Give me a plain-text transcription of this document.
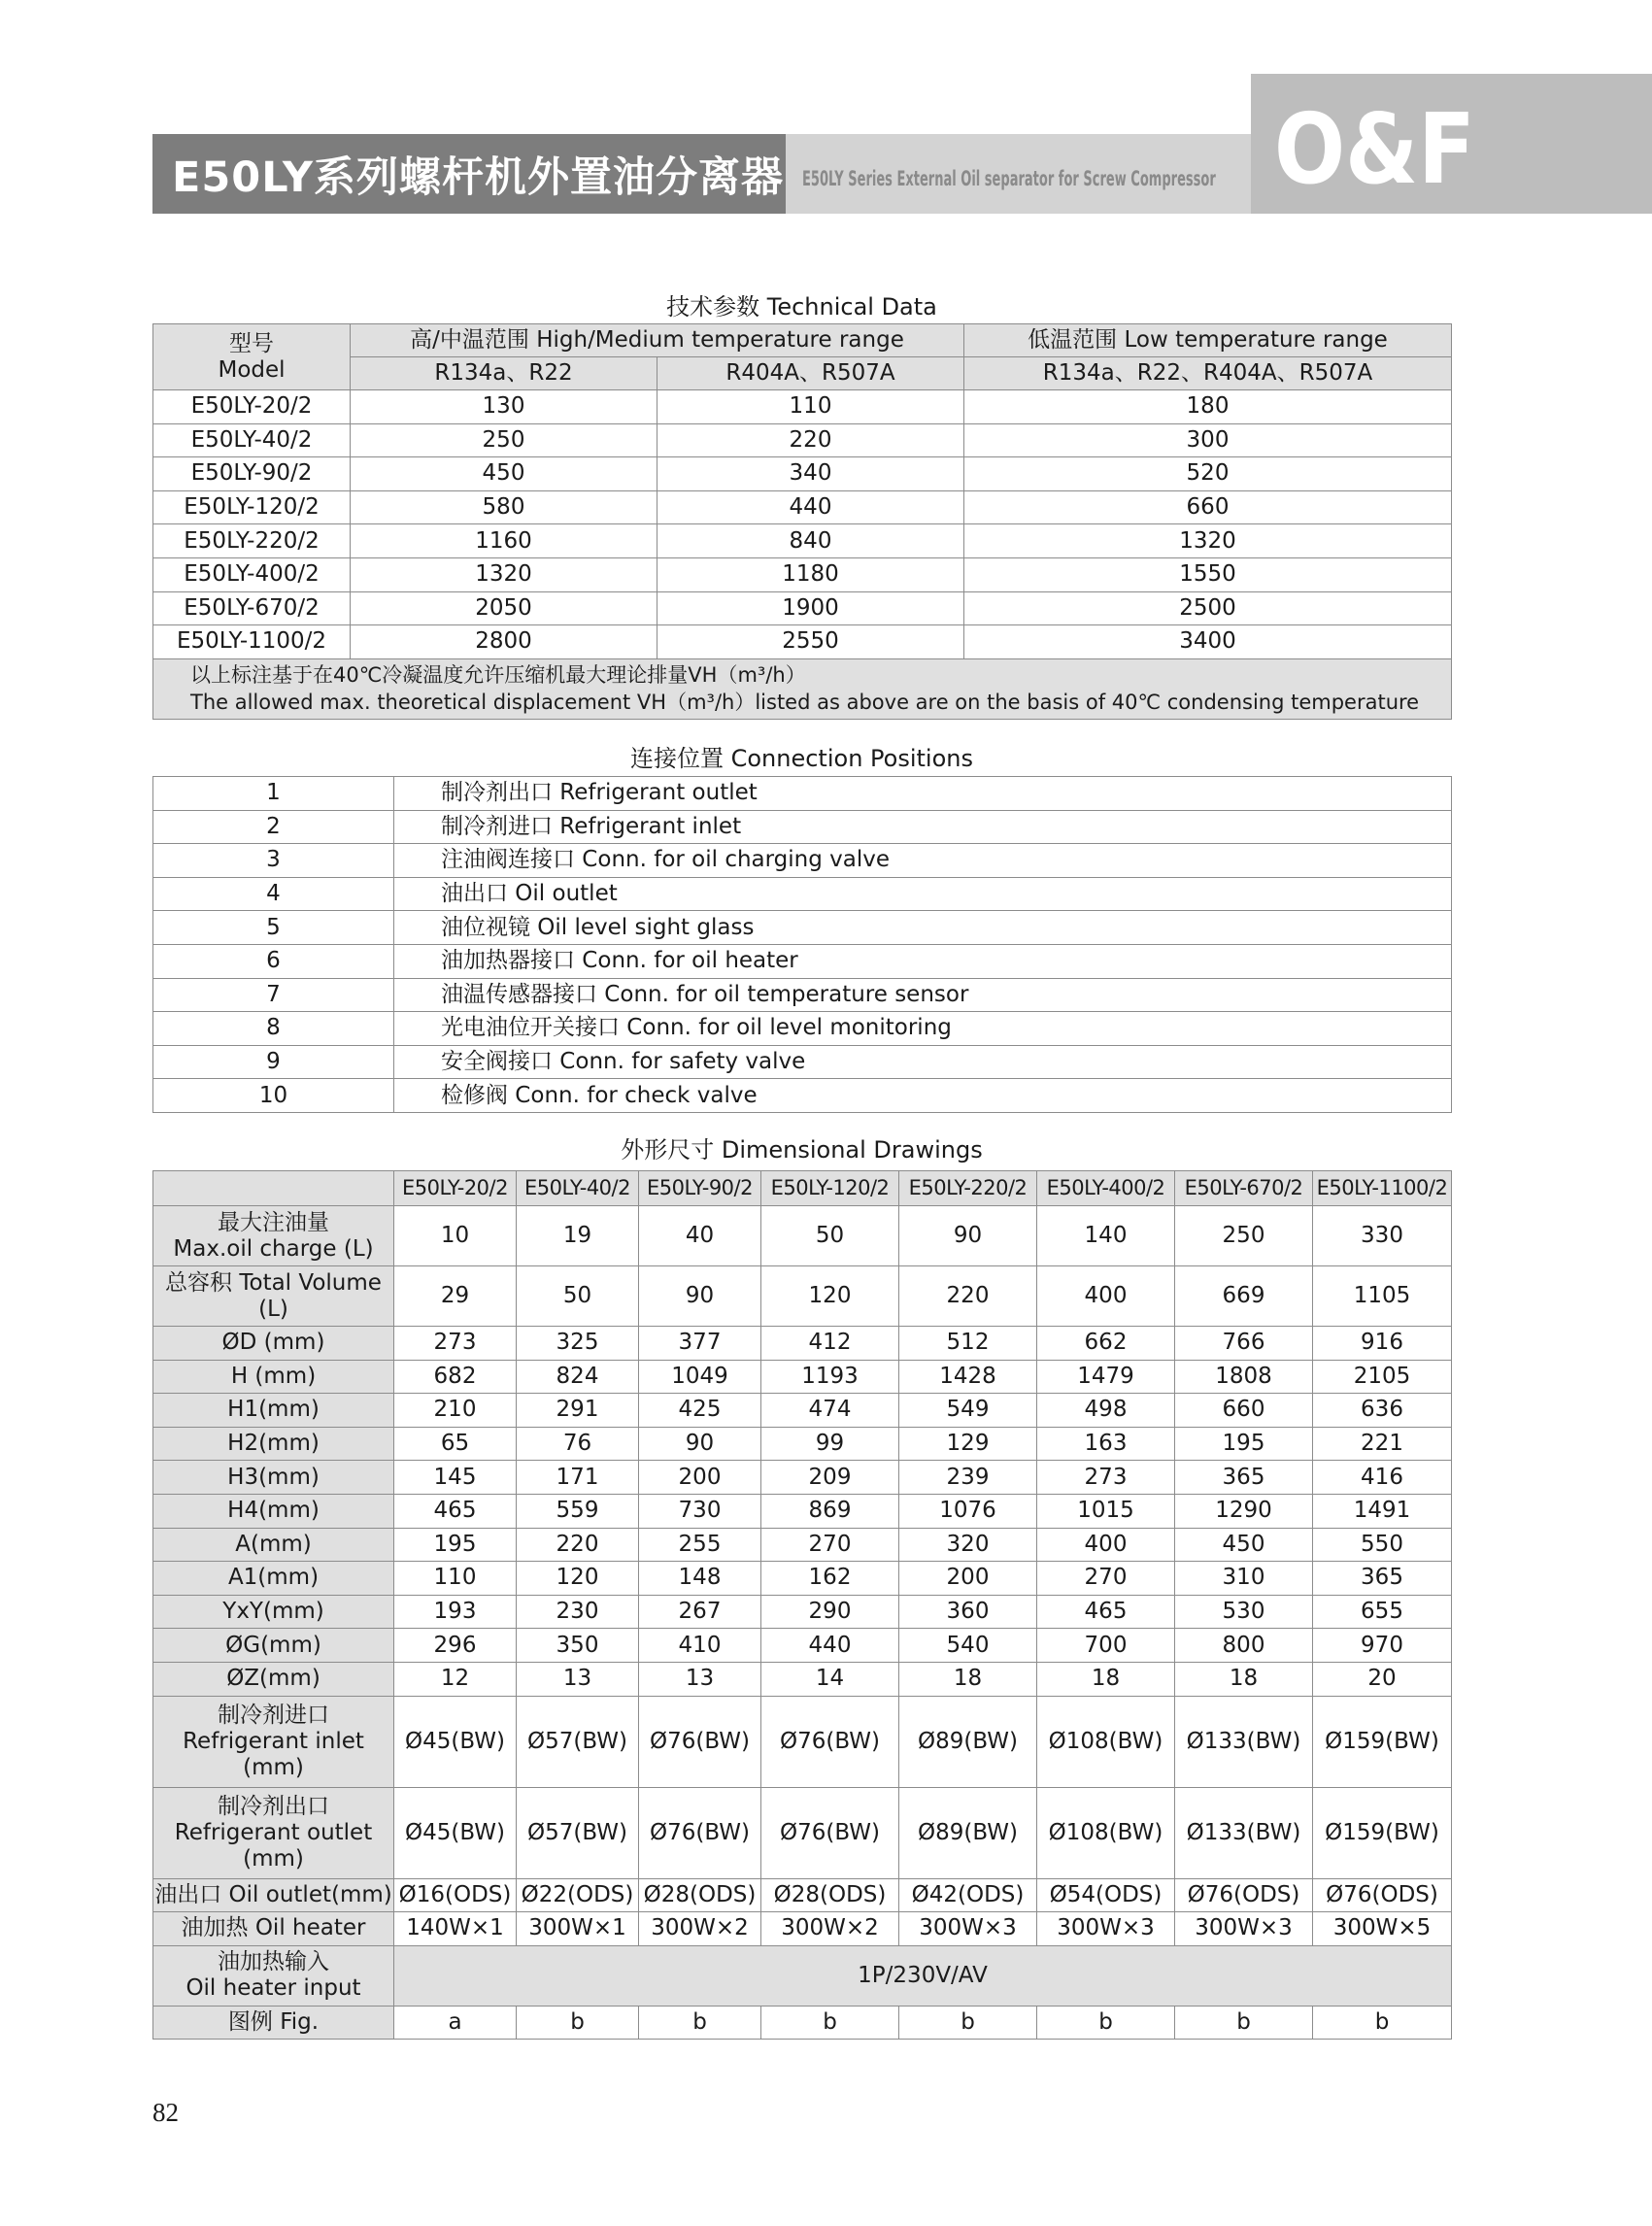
E50LY系列螺杆机外置油分离器 E50LY Series External Oil separator for Screw Compressor O&F
技术参数 Technical Data
型号
Model	高/中温范围 High/Medium temperature range		低温范围 Low temperature range
	R134a、R22	R404A、R507A	R134a、R22、R404A、R507A
E50LY-20/2	130	110	180
E50LY-40/2	250	220	300
E50LY-90/2	450	340	520
E50LY-120/2	580	440	660
E50LY-220/2	1160	840	1320
E50LY-400/2	1320	1180	1550
E50LY-670/2	2050	1900	2500
E50LY-1100/2	2800	2550	3400

以上标注基于在40℃冷凝温度允许压缩机最大理论排量VH（m³/h）
The allowed max. theoretical displacement VH（m³/h）listed as above are on the basis of 40℃ condensing temperature			
连接位置 Connection Positions
1	制冷剂出口 Refrigerant outlet
2	制冷剂进口 Refrigerant inlet
3	注油阀连接口 Conn. for oil charging valve
4	油出口 Oil outlet
5	油位视镜 Oil level sight glass
6	油加热器接口 Conn. for oil heater
7	油温传感器接口 Conn. for oil temperature sensor
8	光电油位开关接口 Conn. for oil level monitoring
9	安全阀接口 Conn. for safety valve
10	检修阀 Conn. for check valve
外形尺寸 Dimensional Drawings
	E50LY-20/2	E50LY-40/2	E50LY-90/2	E50LY-120/2	E50LY-220/2	E50LY-400/2	E50LY-670/2	E50LY-1100/2

最大注油量
Max.oil charge (L)	10	19	40	50	90	140	250	330

总容积 Total Volume
(L)	29	50	90	120	220	400	669	1105

ØD (mm)	273	325	377	412	512	662	766	916

H (mm)	682	824	1049	1193	1428	1479	1808	2105

H1(mm)	210	291	425	474	549	498	660	636

H2(mm)	65	76	90	99	129	163	195	221

H3(mm)	145	171	200	209	239	273	365	416

H4(mm)	465	559	730	869	1076	1015	1290	1491

A(mm)	195	220	255	270	320	400	450	550

A1(mm)	110	120	148	162	200	270	310	365

YxY(mm)	193	230	267	290	360	465	530	655

ØG(mm)	296	350	410	440	540	700	800	970

ØZ(mm)	12	13	13	14	18	18	18	20

制冷剂进口
Refrigerant inlet
(mm)	Ø45(BW)	Ø57(BW)	Ø76(BW)	Ø76(BW)	Ø89(BW)	Ø108(BW)	Ø133(BW)	Ø159(BW)

制冷剂出口
Refrigerant outlet
(mm)	Ø45(BW)	Ø57(BW)	Ø76(BW)	Ø76(BW)	Ø89(BW)	Ø108(BW)	Ø133(BW)	Ø159(BW)

油出口 Oil outlet(mm)	Ø16(ODS)	Ø22(ODS)	Ø28(ODS)	Ø28(ODS)	Ø42(ODS)	Ø54(ODS)	Ø76(ODS)	Ø76(ODS)

油加热 Oil heater	140W×1	300W×1	300W×2	300W×2	300W×3	300W×3	300W×3	300W×5

油加热输入
Oil heater input	1P/230V/AV							
图例 Fig.	a	b	b	b	b	b	b	b
82
